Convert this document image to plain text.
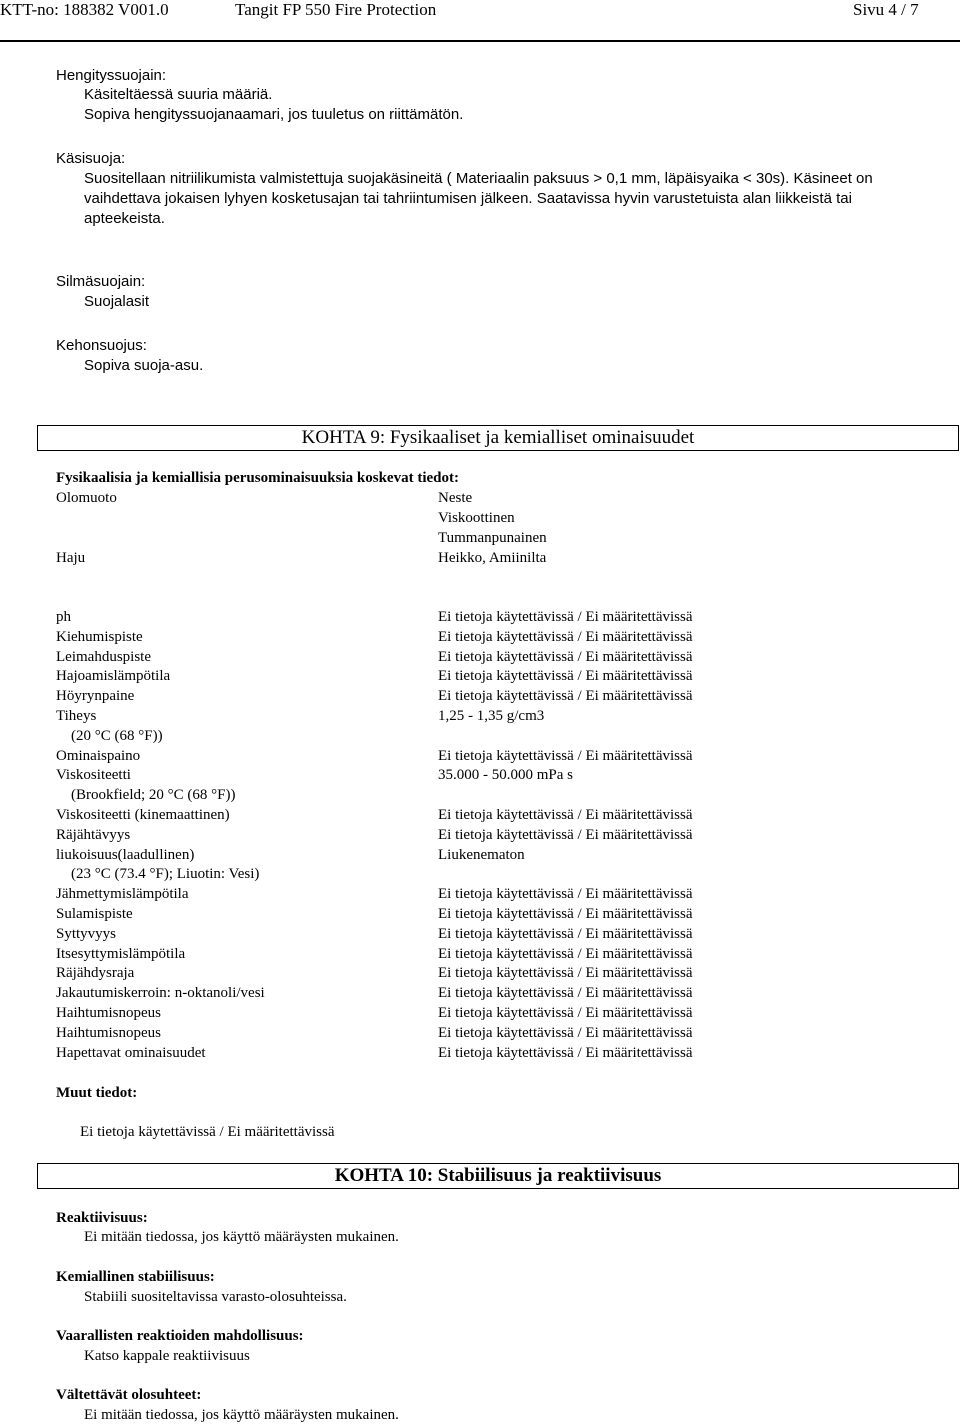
KTT-no: 188382 V001.0	Tangit FP 550 Fire Protection	Sivu 4 / 7
Hengityssuojain:
Käsiteltäessä suuria määriä.
Sopiva hengityssuojanaamari, jos tuuletus on riittämätön.
Käsisuoja:
Suositellaan nitriilikumista valmistettuja suojakäsineitä ( Materiaalin paksuus > 0,1 mm, läpäisyaika < 30s). Käsineet on
vaihdettava jokaisen lyhyen kosketusajan tai tahriintumisen jälkeen. Saatavissa hyvin varustetuista alan liikkeistä tai
apteekeista.
Silmäsuojain:
Suojalasit
Kehonsuojus:
Sopiva suoja-asu.
KOHTA 9: Fysikaaliset ja kemialliset ominaisuudet
Fysikaalisia ja kemiallisia perusominaisuuksia koskevat tiedot:
Olomuoto	Neste
Viskoottinen
Tummanpunainen
Haju	Heikko, Amiinilta
ph	Ei tietoja käytettävissä / Ei määritettävissä
Kiehumispiste	Ei tietoja käytettävissä / Ei määritettävissä
Leimahduspiste	Ei tietoja käytettävissä / Ei määritettävissä
Hajoamislämpötila	Ei tietoja käytettävissä / Ei määritettävissä
Höyrynpaine	Ei tietoja käytettävissä / Ei määritettävissä
Tiheys	1,25 - 1,35 g/cm3
(20 °C (68 °F))
Ominaispaino	Ei tietoja käytettävissä / Ei määritettävissä
Viskositeetti	35.000 - 50.000 mPa s
(Brookfield; 20 °C (68 °F))
Viskositeetti (kinemaattinen)	Ei tietoja käytettävissä / Ei määritettävissä
Räjähtävyys	Ei tietoja käytettävissä / Ei määritettävissä
liukoisuus(laadullinen)	Liukenematon
(23 °C (73.4 °F); Liuotin: Vesi)
Jähmettymislämpötila	Ei tietoja käytettävissä / Ei määritettävissä
Sulamispiste	Ei tietoja käytettävissä / Ei määritettävissä
Syttyvyys	Ei tietoja käytettävissä / Ei määritettävissä
Itsesyttymislämpötila	Ei tietoja käytettävissä / Ei määritettävissä
Räjähdysraja	Ei tietoja käytettävissä / Ei määritettävissä
Jakautumiskerroin: n-oktanoli/vesi	Ei tietoja käytettävissä / Ei määritettävissä
Haihtumisnopeus	Ei tietoja käytettävissä / Ei määritettävissä
Haihtumisnopeus	Ei tietoja käytettävissä / Ei määritettävissä
Hapettavat ominaisuudet	Ei tietoja käytettävissä / Ei määritettävissä
Muut tiedot:
Ei tietoja käytettävissä / Ei määritettävissä
KOHTA 10: Stabiilisuus ja reaktiivisuus
Reaktiivisuus:
Ei mitään tiedossa, jos käyttö määräysten mukainen.
Kemiallinen stabiilisuus:
Stabiili suositeltavissa varasto-olosuhteissa.
Vaarallisten reaktioiden mahdollisuus:
Katso kappale reaktiivisuus
Vältettävät olosuhteet:
Ei mitään tiedossa, jos käyttö määräysten mukainen.
